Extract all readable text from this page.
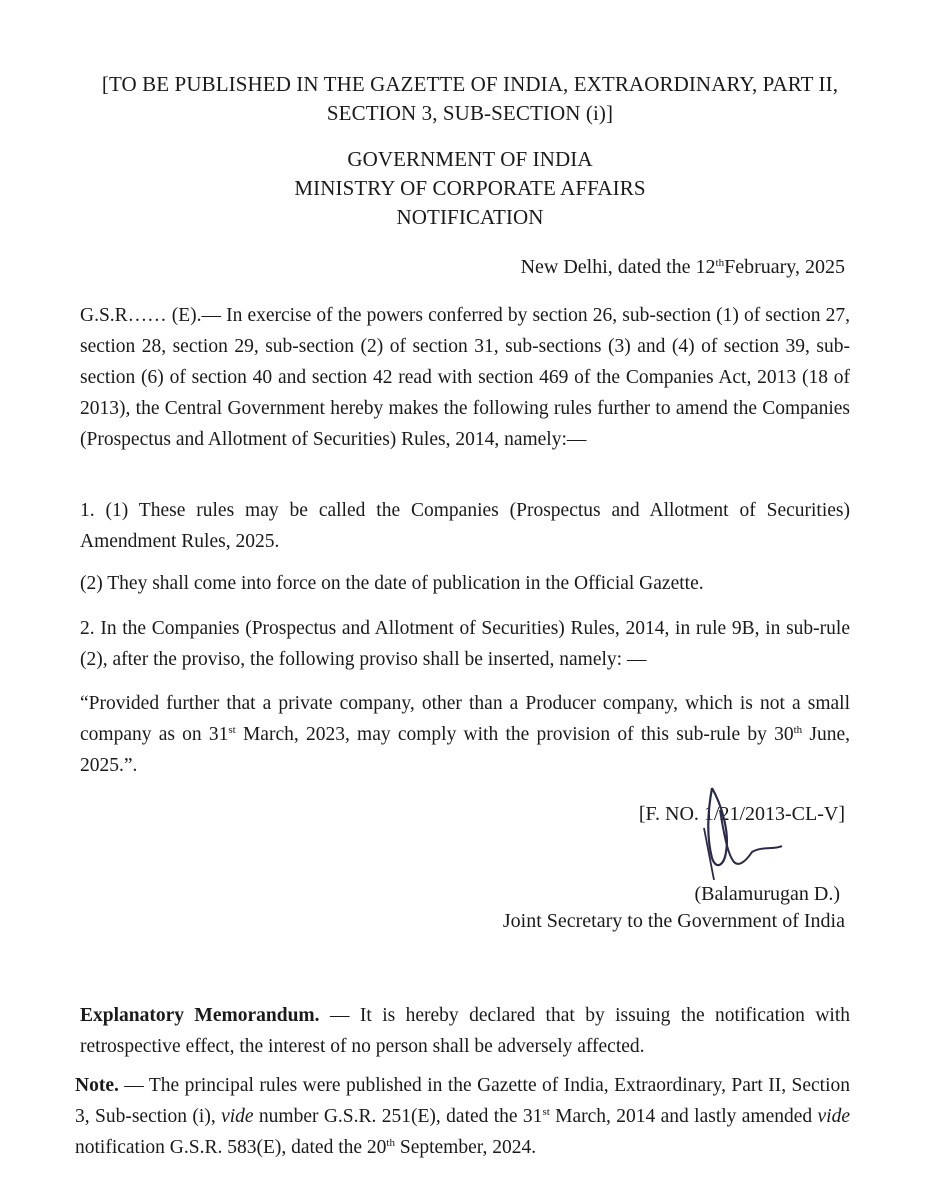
[TO BE PUBLISHED IN THE GAZETTE OF INDIA, EXTRAORDINARY, PART II,
SECTION 3, SUB-SECTION (i)]
GOVERNMENT OF INDIA
MINISTRY OF CORPORATE AFFAIRS
NOTIFICATION
New Delhi, dated the 12thFebruary, 2025
G.S.R…… (E).— In exercise of the powers conferred by section 26, sub-section (1) of section 27, section 28, section 29, sub-section (2) of section 31, sub-sections (3) and (4) of section 39, sub-section (6) of section 40 and section 42 read with section 469 of the Companies Act, 2013 (18 of 2013), the Central Government hereby makes the following rules further to amend the Companies (Prospectus and Allotment of Securities) Rules, 2014, namely:—
1. (1) These rules may be called the Companies (Prospectus and Allotment of Securities) Amendment Rules, 2025.
(2) They shall come into force on the date of publication in the Official Gazette.
2. In the Companies (Prospectus and Allotment of Securities) Rules, 2014, in rule 9B, in sub-rule (2), after the proviso, the following proviso shall be inserted, namely: —
“Provided further that a private company, other than a Producer company, which is not a small company as on 31st March, 2023, may comply with the provision of this sub-rule by 30th June, 2025.”.
[F. NO. 1/21/2013-CL-V]
(Balamurugan D.)
Joint Secretary to the Government of India
Explanatory Memorandum. — It is hereby declared that by issuing the notification with retrospective effect, the interest of no person shall be adversely affected.
Note. — The principal rules were published in the Gazette of India, Extraordinary, Part II, Section 3, Sub-section (i), vide number G.S.R. 251(E), dated the 31st March, 2014 and lastly amended vide notification G.S.R. 583(E), dated the 20th September, 2024.
